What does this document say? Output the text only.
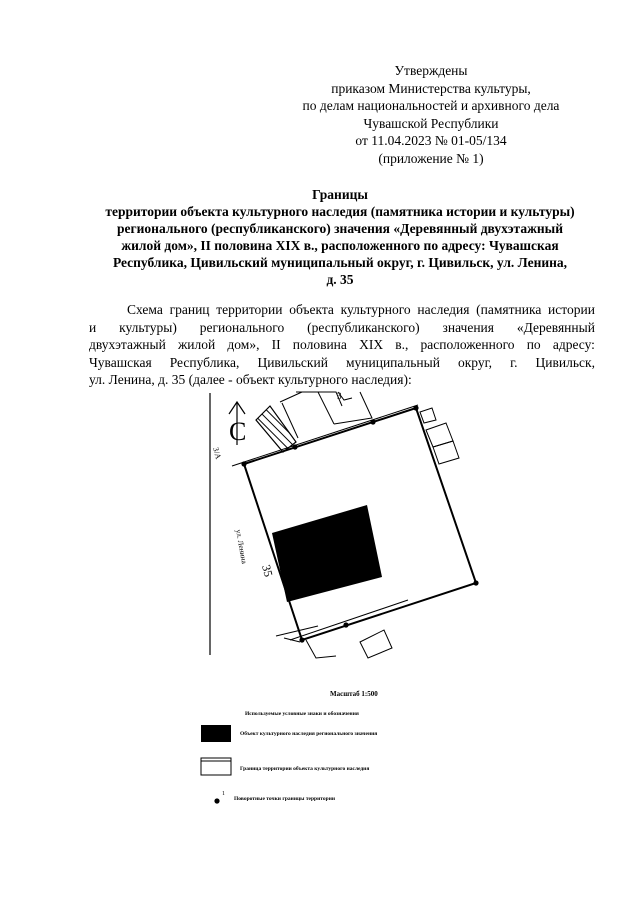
Утверждены
приказом Министерства культуры,
по делам национальностей и архивного дела
Чувашской Республики
от 11.04.2023 № 01-05/134
(приложение № 1)
Границы
территории объекта культурного наследия (памятника истории и культуры)
регионального (республиканского) значения «Деревянный двухэтажный
жилой дом», II половина XIX в., расположенного по адресу: Чувашская
Республика, Цивильский муниципальный округ, г. Цивильск, ул. Ленина,
д. 35
Схема границ территории объекта культурного наследия (памятника истории
и культуры) регионального (республиканского) значения «Деревянный
двухэтажный жилой дом», II половина XIX в., расположенного по адресу:
Чувашская Республика, Цивильский муниципальный округ, г. Цивильск,
ул. Ленина, д. 35 (далее - объект культурного наследия):
С
3/А
ул. Ленина
3
35
Масштаб 1:500
Используемые условные знаки и обозначения
Объект культурного наследия регионального значения
Граница территории объекта культурного наследия
1
Поворотные точки границы территории
